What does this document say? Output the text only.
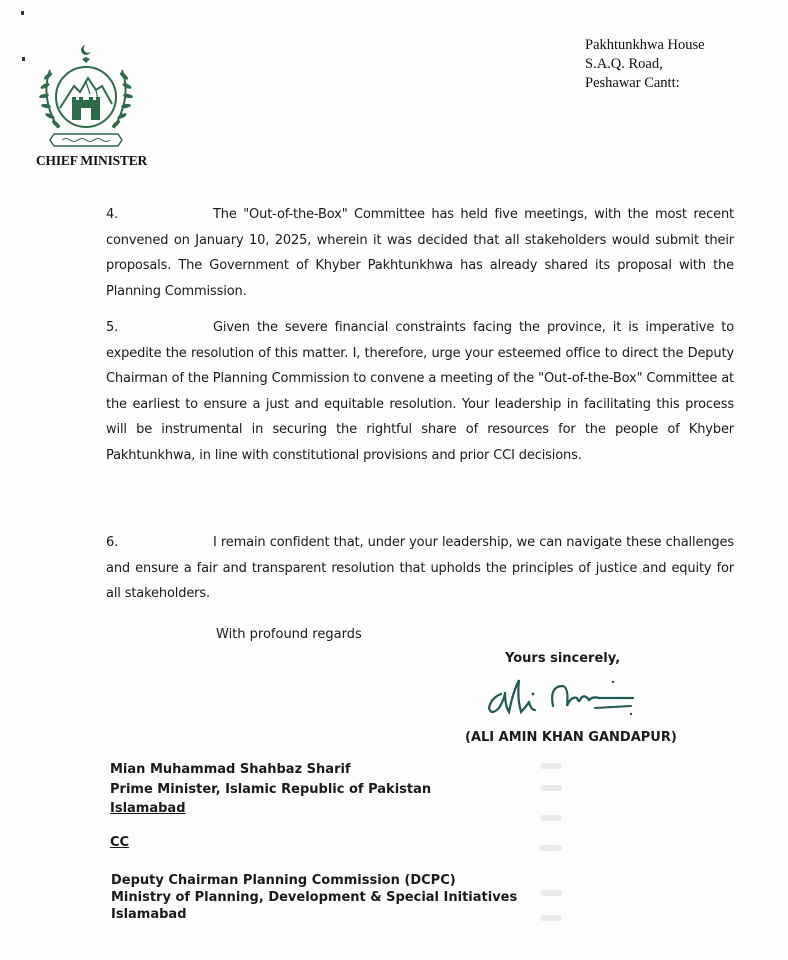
CHIEF MINISTER
Pakhtunkhwa House
S.A.Q. Road,
Peshawar Cantt:
4.	The "Out-of-the-Box" Committee has held five meetings, with the most recent convened on January 10, 2025, wherein it was decided that all stakeholders would submit their proposals. The Government of Khyber Pakhtunkhwa has already shared its proposal with the Planning Commission.
5.	Given the severe financial constraints facing the province, it is imperative to expedite the resolution of this matter. I, therefore, urge your esteemed office to direct the Deputy Chairman of the Planning Commission to convene a meeting of the "Out-of-the-Box" Committee at the earliest to ensure a just and equitable resolution. Your leadership in facilitating this process will be instrumental in securing the rightful share of resources for the people of Khyber Pakhtunkhwa, in line with constitutional provisions and prior CCI decisions.
6.	I remain confident that, under your leadership, we can navigate these challenges and ensure a fair and transparent resolution that upholds the principles of justice and equity for all stakeholders.
With profound regards
Yours sincerely,
(ALI AMIN KHAN GANDAPUR)
Mian Muhammad Shahbaz Sharif
Prime Minister, Islamic Republic of Pakistan
Islamabad
CC
Deputy Chairman Planning Commission (DCPC)
Ministry of Planning, Development & Special Initiatives
Islamabad
